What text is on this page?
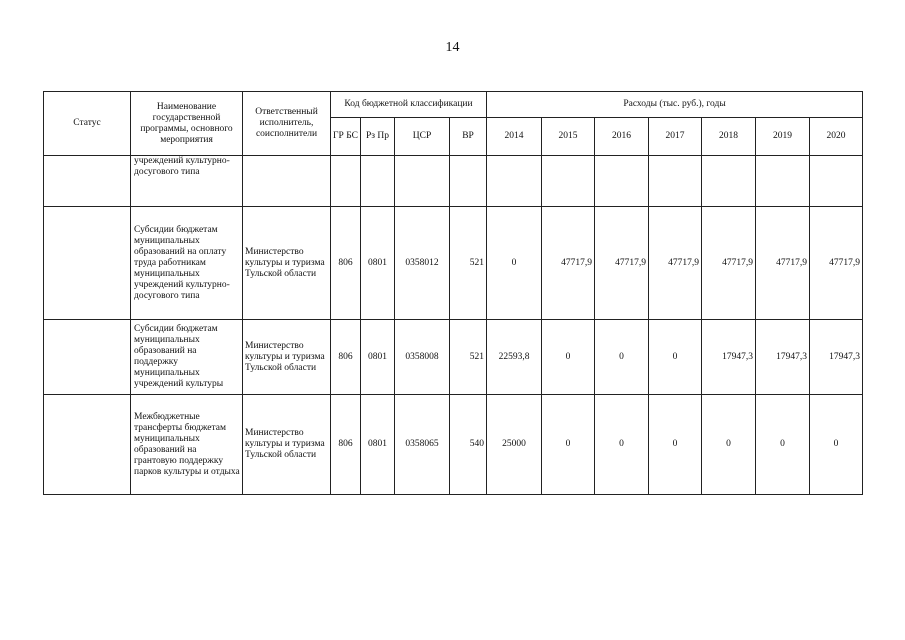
14
Статус	Наименование государственной программы, основного мероприятия	Ответственный исполнитель, соисполнители	Код бюджетной классификации				Расходы (тыс. руб.), годы						
			ГР БС	Рз Пр	ЦСР	ВР	2014	2015	2016	2017	2018	2019	2020
	учреждений культурно-досугового типа												
	Субсидии бюджетам муниципальных образований на оплату труда работникам муниципальных учреждений культурно-досугового типа	Министерство культуры и туризма Тульской области	806	0801	0358012	521	0	47717,9	47717,9	47717,9	47717,9	47717,9	47717,9
	Субсидии бюджетам муниципальных образований на поддержку муниципальных учреждений культуры	Министерство культуры и туризма Тульской области	806	0801	0358008	521	22593,8	0	0	0	17947,3	17947,3	17947,3
	Межбюджетные трансферты бюджетам муниципальных образований на грантовую поддержку парков культуры и отдыха	Министерство культуры и туризма Тульской области	806	0801	0358065	540	25000	0	0	0	0	0	0
